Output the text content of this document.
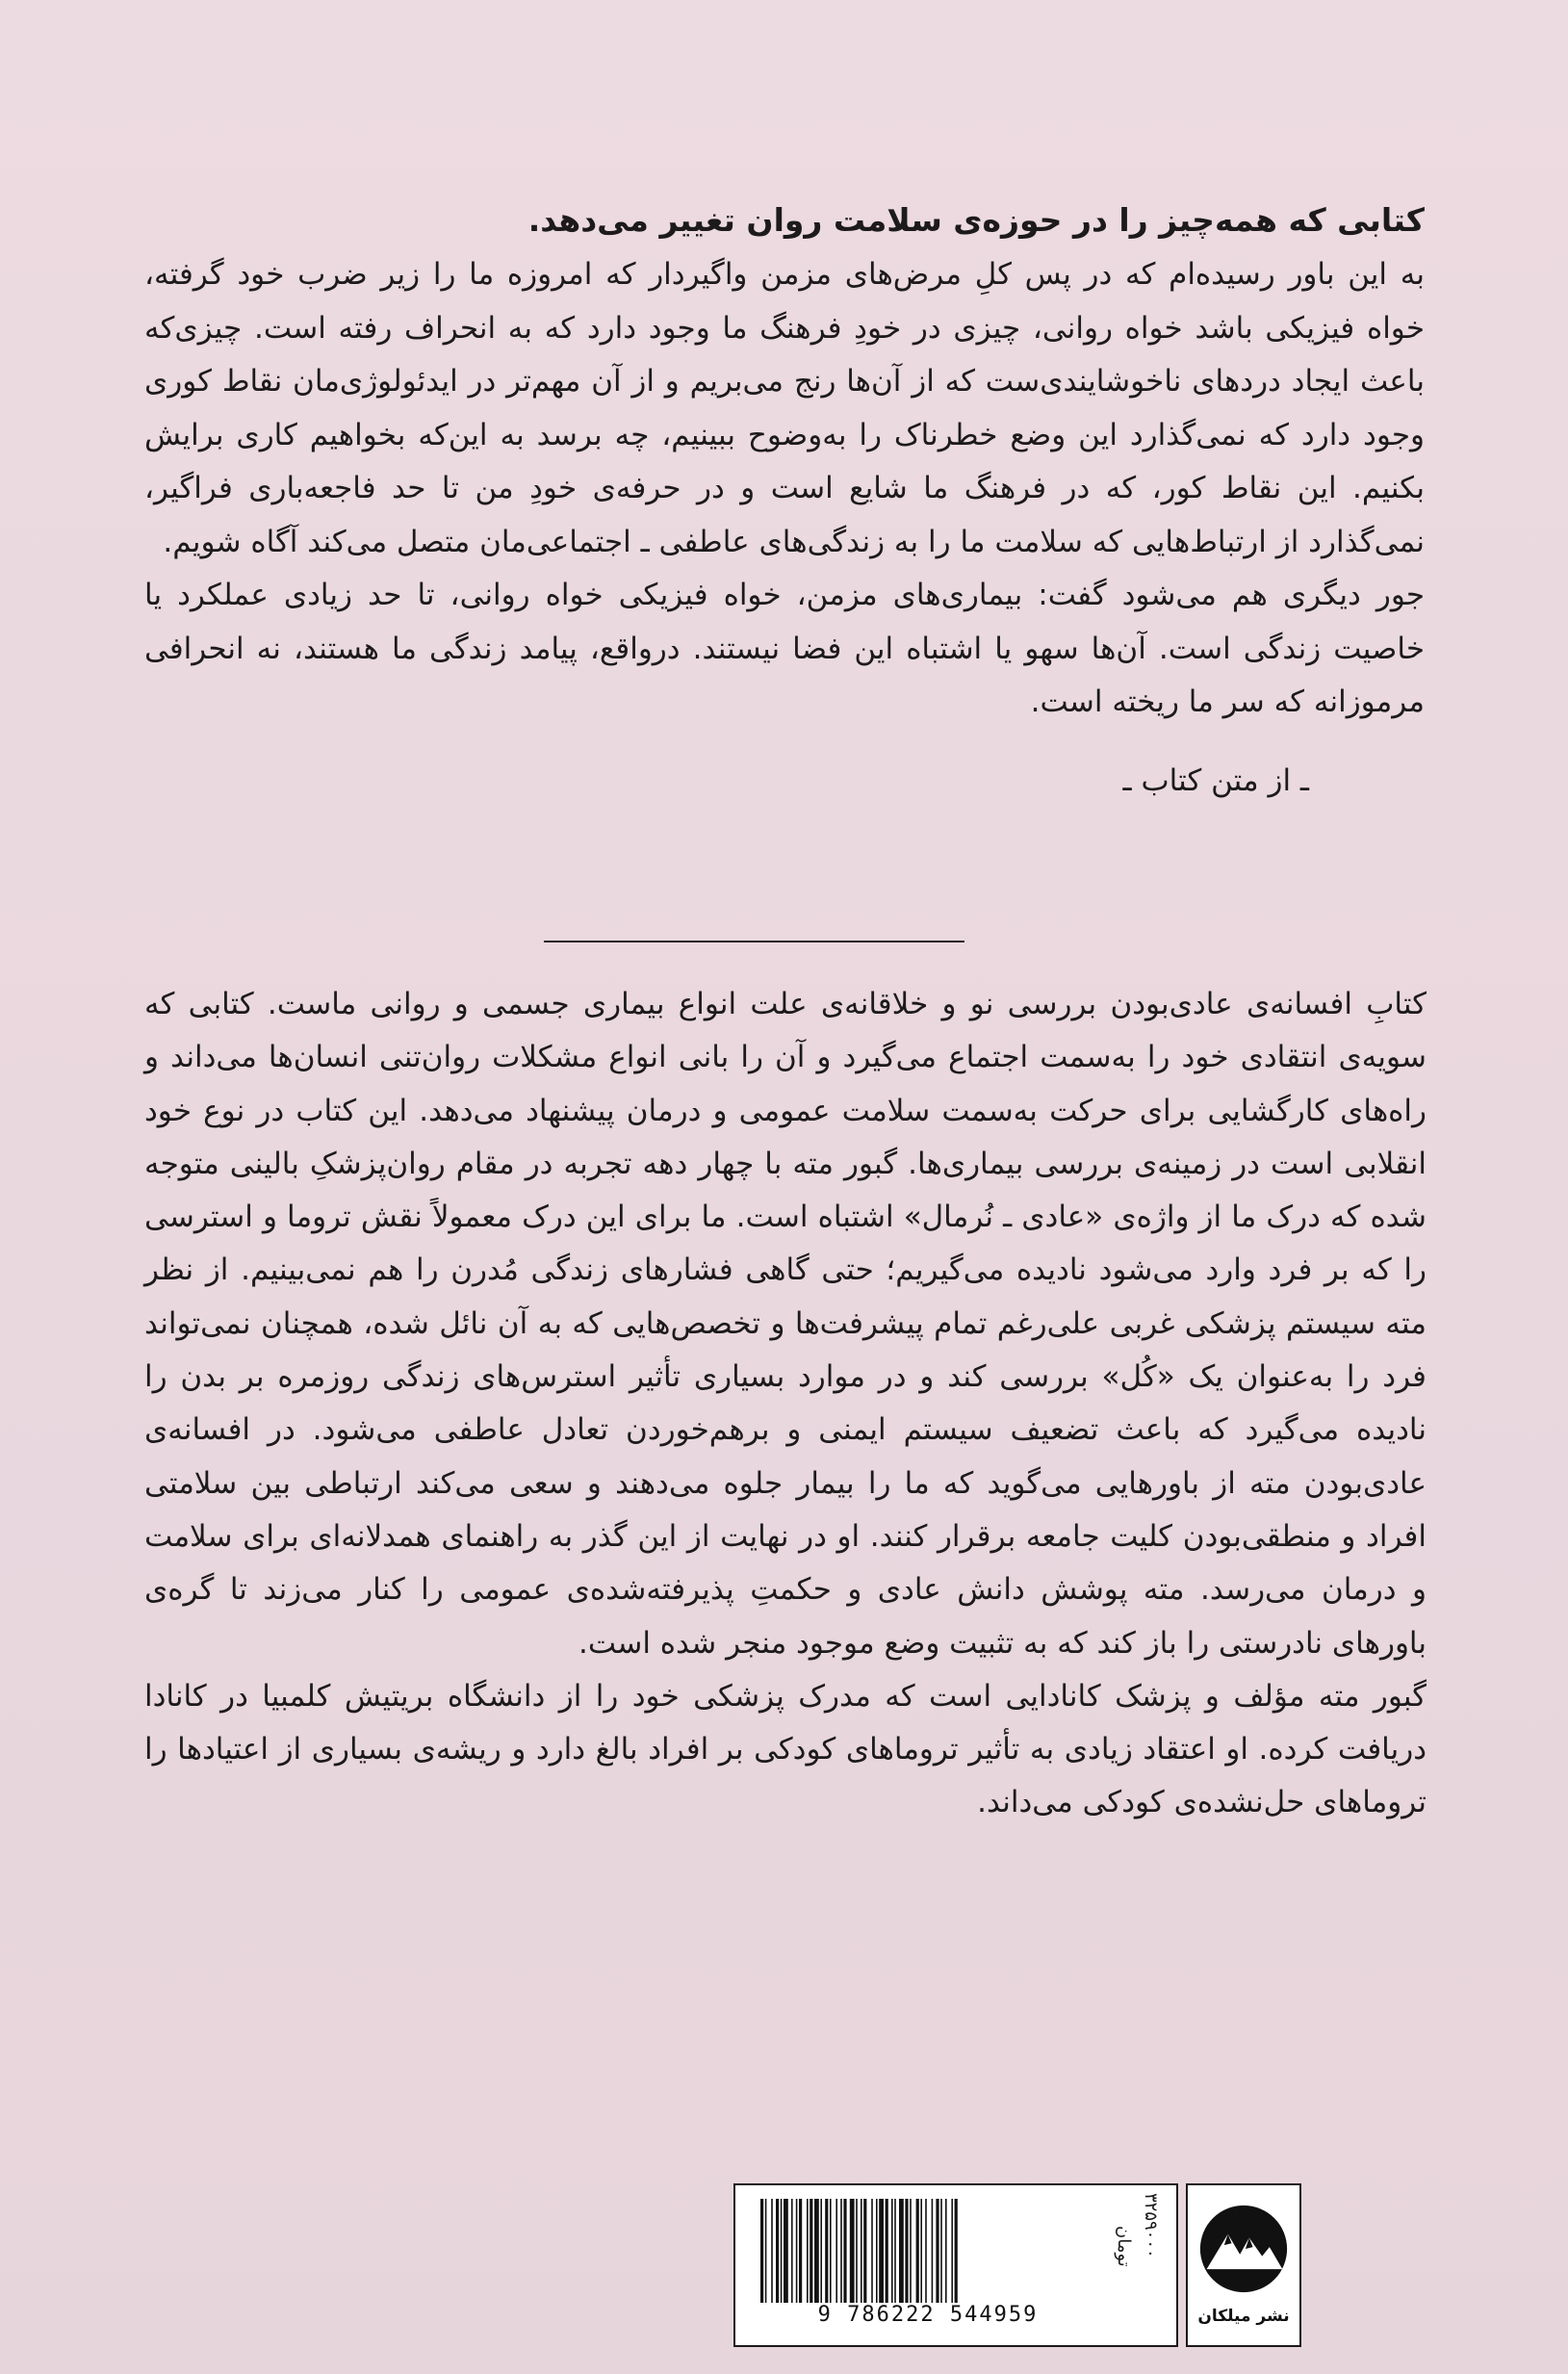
کتابی که همه‌چیز را در حوزه‌ی سلامت روان تغییر می‌دهد.

به این باور رسیده‌ام که در پس کلِ مرض‌های مزمن واگیردار که امروزه ما را زیر ضرب خود گرفته، خواه فیزیکی باشد خواه روانی، چیزی در خودِ فرهنگ ما وجود دارد که به انحراف رفته است. چیزی‌که باعث ایجاد دردهای ناخوشایندی‌ست که از آن‌ها رنج می‌بریم و از آن مهم‌تر در ایدئولوژی‌مان نقاط کوری وجود دارد که نمی‌گذارد این وضع خطرناک را به‌وضوح ببینیم، چه برسد به این‌که بخواهیم کاری برایش بکنیم. این نقاط کور، که در فرهنگ ما شایع است و در حرفه‌ی خودِ من تا حد فاجعه‌باری فراگیر، نمی‌گذارد از ارتباط‌هایی که سلامت ما را به زندگی‌های عاطفی ـ اجتماعی‌مان متصل می‌کند آگاه شویم.

جور دیگری هم می‌شود گفت: بیماری‌های مزمن، خواه فیزیکی خواه روانی، تا حد زیادی عملکرد یا خاصیت زندگی است. آن‌ها سهو یا اشتباه این فضا نیستند. درواقع، پیامد زندگی ما هستند، نه انحرافی مرموزانه که سر ما ریخته است.

ـ از متن کتاب ـ

کتابِ افسانه‌ی عادی‌بودن بررسی نو و خلاقانه‌ی علت انواع بیماری جسمی و روانی ماست. کتابی که سویه‌ی انتقادی خود را به‌سمت اجتماع می‌گیرد و آن را بانی انواع مشکلات روان‌تنی انسان‌ها می‌داند و راه‌های کارگشایی برای حرکت به‌سمت سلامت عمومی و درمان پیشنهاد می‌دهد. این کتاب در نوع خود انقلابی است در زمینه‌ی بررسی بیماری‌ها. گبور مته با چهار دهه تجربه در مقام روان‌پزشکِ بالینی متوجه شده که درک ما از واژه‌ی «عادی ـ نُرمال» اشتباه است. ما برای این درک معمولاً نقش تروما و استرسی را که بر فرد وارد می‌شود نادیده می‌گیریم؛ حتی گاهی فشارهای زندگی مُدرن را هم نمی‌بینیم. از نظر مته سیستم پزشکی غربی علی‌رغم تمام پیشرفت‌ها و تخصص‌هایی که به آن نائل شده، همچنان نمی‌تواند فرد را به‌عنوان یک «کُل» بررسی کند و در موارد بسیاری تأثیر استرس‌های زندگی روزمره بر بدن را نادیده می‌گیرد که باعث تضعیف سیستم ایمنی و برهم‌خوردن تعادل عاطفی می‌شود. در افسانه‌ی عادی‌بودن مته از باورهایی می‌گوید که ما را بیمار جلوه می‌دهند و سعی می‌کند ارتباطی بین سلامتی افراد و منطقی‌بودن کلیت جامعه برقرار کنند. او در نهایت از این گذر به راهنمای همدلانه‌ای برای سلامت و درمان می‌رسد. مته پوشش دانش عادی و حکمتِ پذیرفته‌شده‌ی عمومی را کنار می‌زند تا گره‌ی باورهای نادرستی را باز کند که به تثبیت وضع موجود منجر شده است.

گبور مته مؤلف و پزشک کانادایی است که مدرک پزشکی خود را از دانشگاه بریتیش کلمبیا در کانادا دریافت کرده. او اعتقاد زیادی به تأثیر تروماهای کودکی بر افراد بالغ دارد و ریشه‌ی بسیاری از اعتیادها را تروماهای حل‌نشده‌ی کودکی می‌داند.

9 786222 544959
۳۲۵۹۰۰۰
تومان
نشر میلکان
